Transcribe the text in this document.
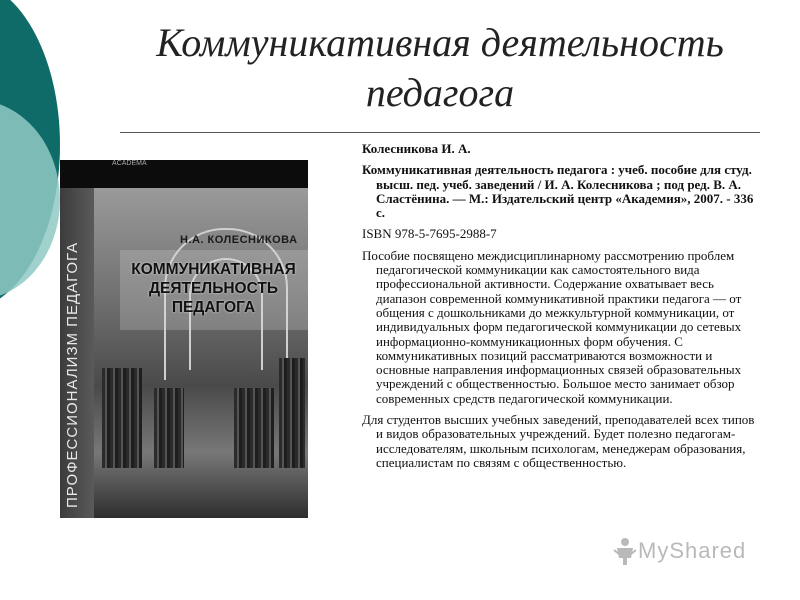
Коммуникативная деятельность педагога
ACADEMA
ПРОФЕССИОНАЛИЗМ ПЕДАГОГА
Н.А. КОЛЕСНИКОВА
КОММУНИКАТИВНАЯ ДЕЯТЕЛЬНОСТЬ ПЕДАГОГА

Колесникова И. А.

Коммуникативная деятельность педагога : учеб. пособие для студ. высш. пед. учеб. заведений / И. А. Колесникова ; под ред. В. А. Сластёнина. — М.: Издательский центр «Академия», 2007. - 336 с.

ISBN 978-5-7695-2988-7

Пособие посвящено междисциплинарному рассмотрению проблем педагогической коммуникации как самостоятельного вида профессиональной активности. Содержание охватывает весь диапазон современной коммуникативной практики педагога — от общения с дошкольниками до межкультурной коммуникации, от индивидуальных форм педагогической коммуникации до сетевых информационно-коммуникационных форм обучения. С коммуникативных позиций рассматриваются возможности и основные направления информационных связей образовательных учреждений с общественностью. Большое место занимает обзор современных средств педагогической коммуникации.

Для студентов высших учебных заведений, преподавателей всех типов и видов образовательных учреждений. Будет полезно педагогам-исследователям, школьным психологам, менеджерам образования, специалистам по связям с общественностью.

MyShared
